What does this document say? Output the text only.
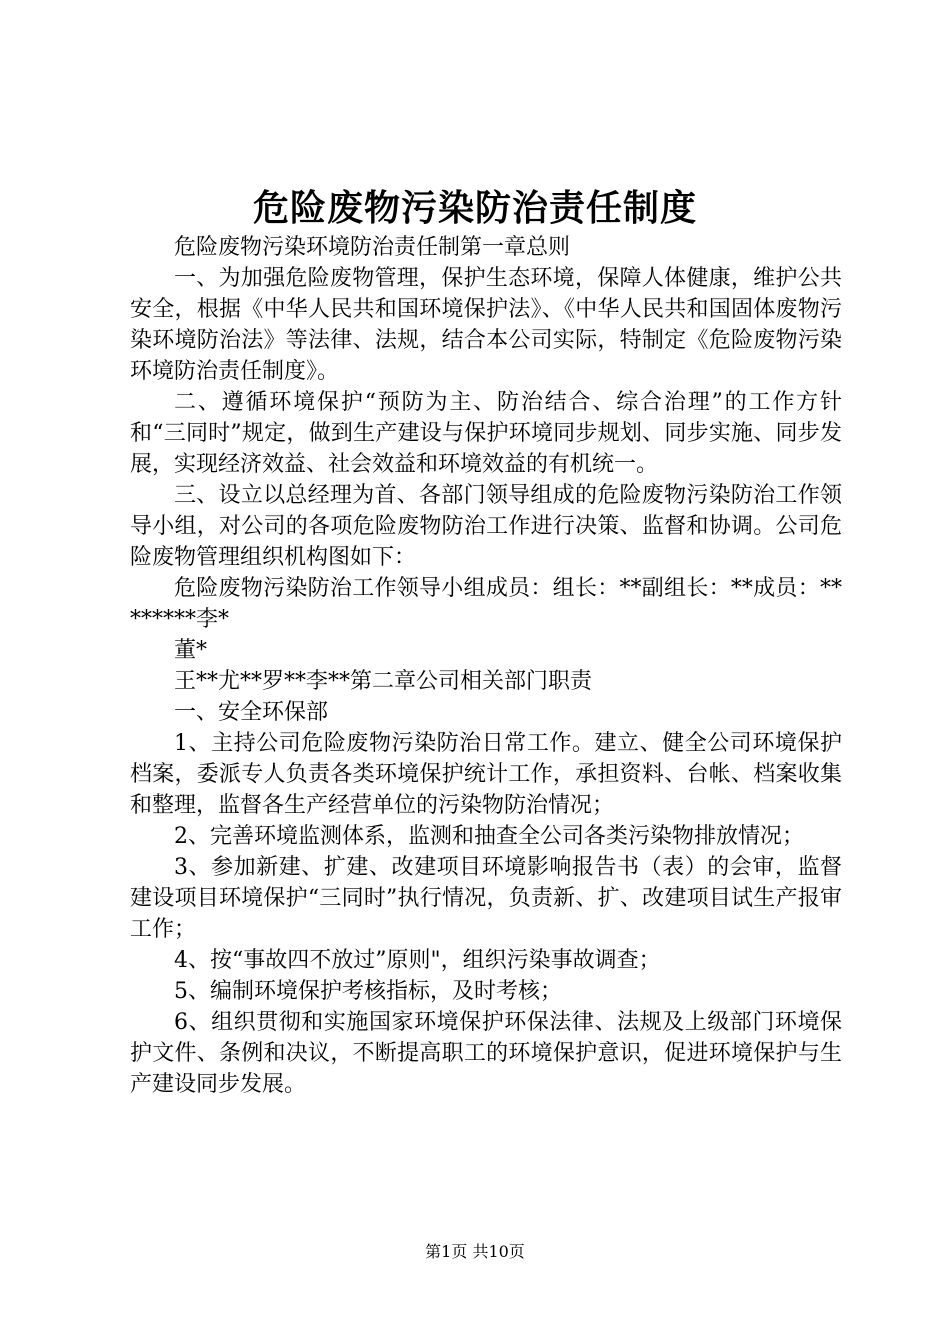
危险废物污染防治责任制度

危险废物污染环境防治责任制第一章总则

一、为加强危险废物管理，保护生态环境，保障人体健康，维护公共安全，根据《中华人民共和国环境保护法》、《中华人民共和国固体废物污染环境防治法》等法律、法规，结合本公司实际，特制定《危险废物污染环境防治责任制度》。

二、遵循环境保护“预防为主、防治结合、综合治理”的工作方针和“三同时”规定，做到生产建设与保护环境同步规划、同步实施、同步发展，实现经济效益、社会效益和环境效益的有机统一。

三、设立以总经理为首、各部门领导组成的危险废物污染防治工作领导小组，对公司的各项危险废物防治工作进行决策、监督和协调。公司危险废物管理组织机构图如下：

危险废物污染防治工作领导小组成员：组长：**副组长：**成员：********李*

董*

王**尤**罗**李**第二章公司相关部门职责

一、安全环保部

1、主持公司危险废物污染防治日常工作。建立、健全公司环境保护档案，委派专人负责各类环境保护统计工作，承担资料、台帐、档案收集和整理，监督各生产经营单位的污染物防治情况；

2、完善环境监测体系，监测和抽查全公司各类污染物排放情况；

3、参加新建、扩建、改建项目环境影响报告书（表）的会审，监督建设项目环境保护“三同时”执行情况，负责新、扩、改建项目试生产报审工作；

4、按“事故四不放过”原则"，组织污染事故调查；

5、编制环境保护考核指标，及时考核；

6、组织贯彻和实施国家环境保护环保法律、法规及上级部门环境保护文件、条例和决议，不断提高职工的环境保护意识，促进环境保护与生产建设同步发展。

第1页 共10页
